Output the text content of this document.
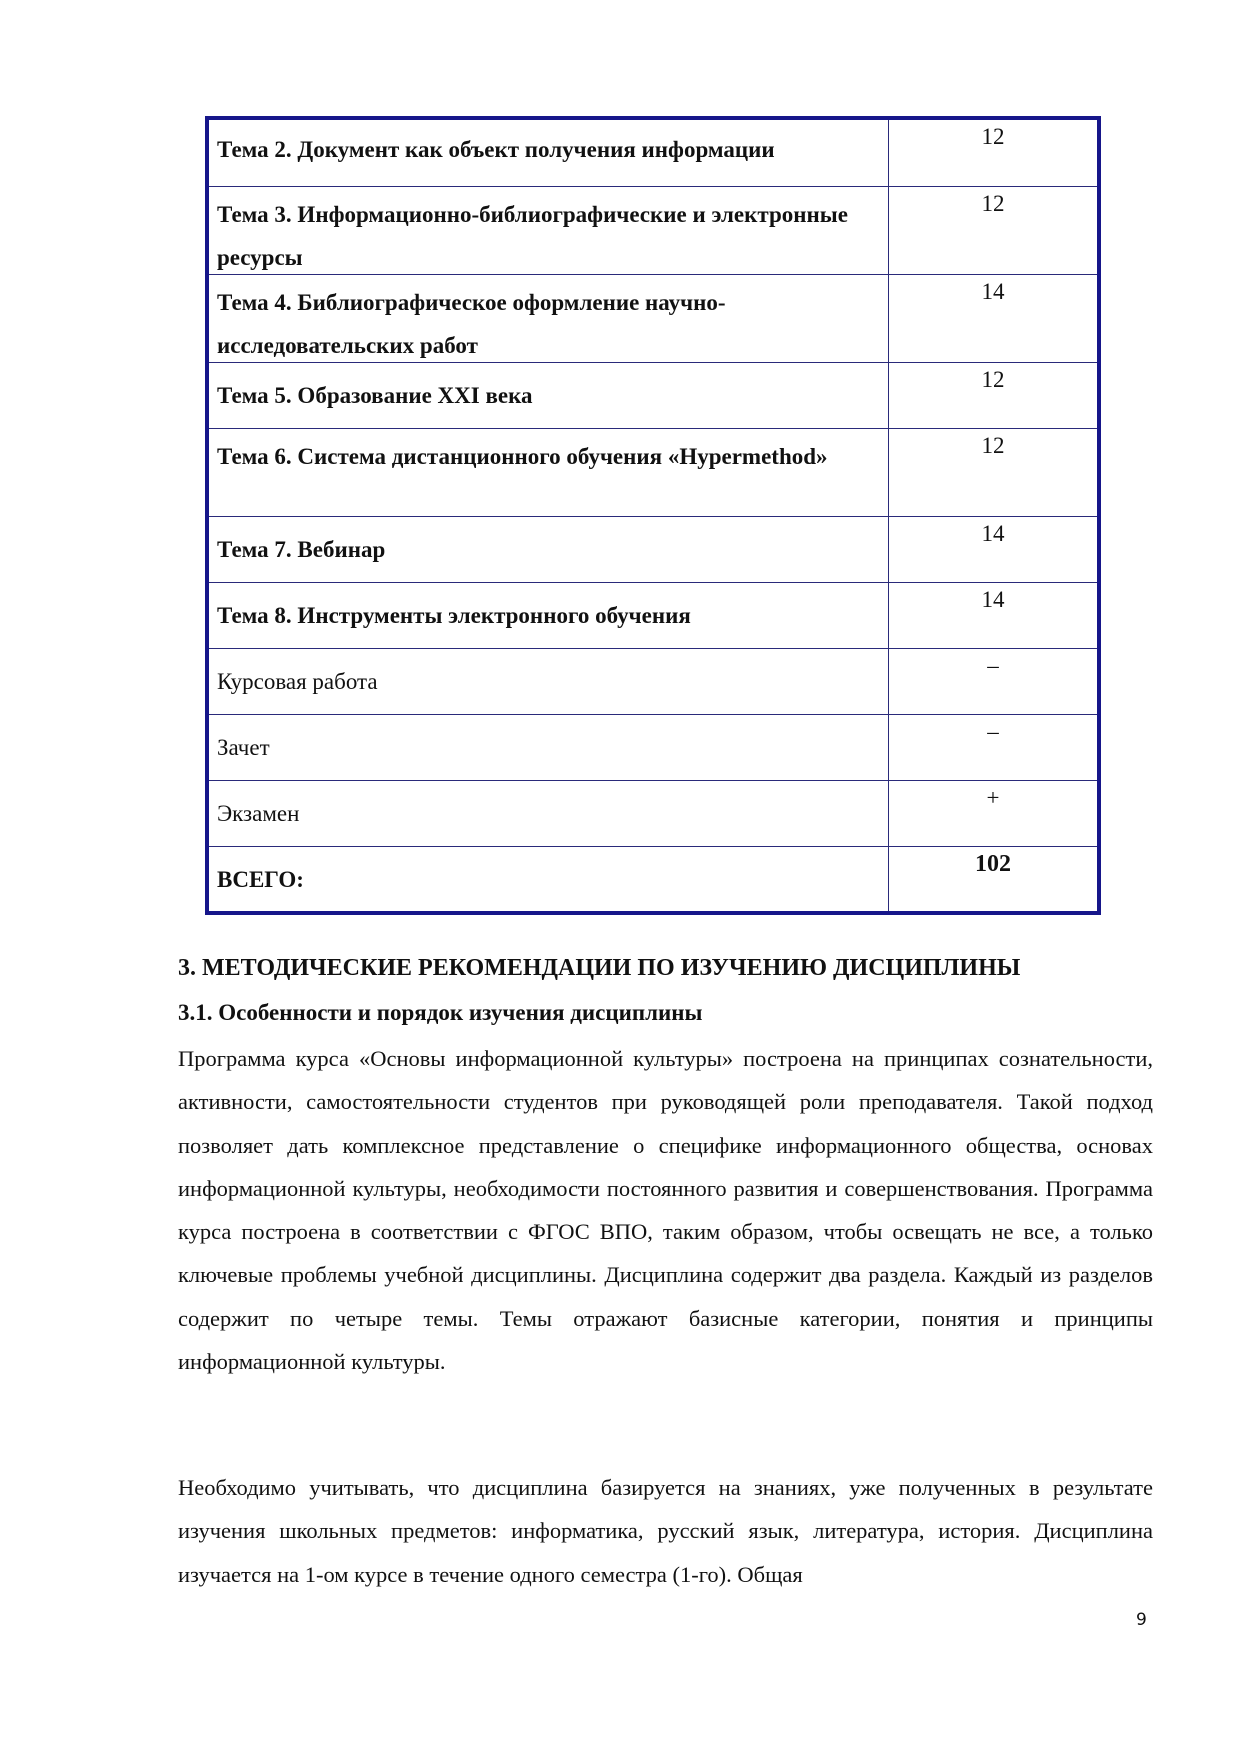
Тема 2. Документ как объект получения информации
12
Тема 3. Информационно-библиографические и электронные ресурсы
12
Тема 4. Библиографическое оформление научно-исследовательских работ
14
Тема 5. Образование XXI века
12
Тема 6. Система дистанционного обучения «Hypermethod»	12
Тема 7. Вебинар
14
Тема 8. Инструменты электронного обучения
14
Курсовая работа
–
Зачет
–
Экзамен
+
ВСЕГО:
102
3. МЕТОДИЧЕСКИЕ РЕКОМЕНДАЦИИ ПО ИЗУЧЕНИЮ ДИСЦИПЛИНЫ
3.1. Особенности и порядок изучения дисциплины
Программа курса «Основы информационной культуры» построена на принципах сознательности, активности, самостоятельности студентов при руководящей роли преподавателя. Такой подход позволяет дать комплексное представление о специфике информационного общества, основах информационной культуры, необходимости постоянного развития и совершенствования. Программа курса построена в соответствии с ФГОС ВПО, таким образом, чтобы освещать не все, а только ключевые проблемы учебной дисциплины. Дисциплина содержит два раздела. Каждый из разделов содержит по четыре темы. Темы отражают базисные категории, понятия и принципы информационной культуры.
Необходимо учитывать, что дисциплина базируется на знаниях, уже полученных в результате изучения школьных предметов: информатика, русский язык, литература, история. Дисциплина изучается на 1-ом курсе в течение одного семестра (1-го). Общая
9
